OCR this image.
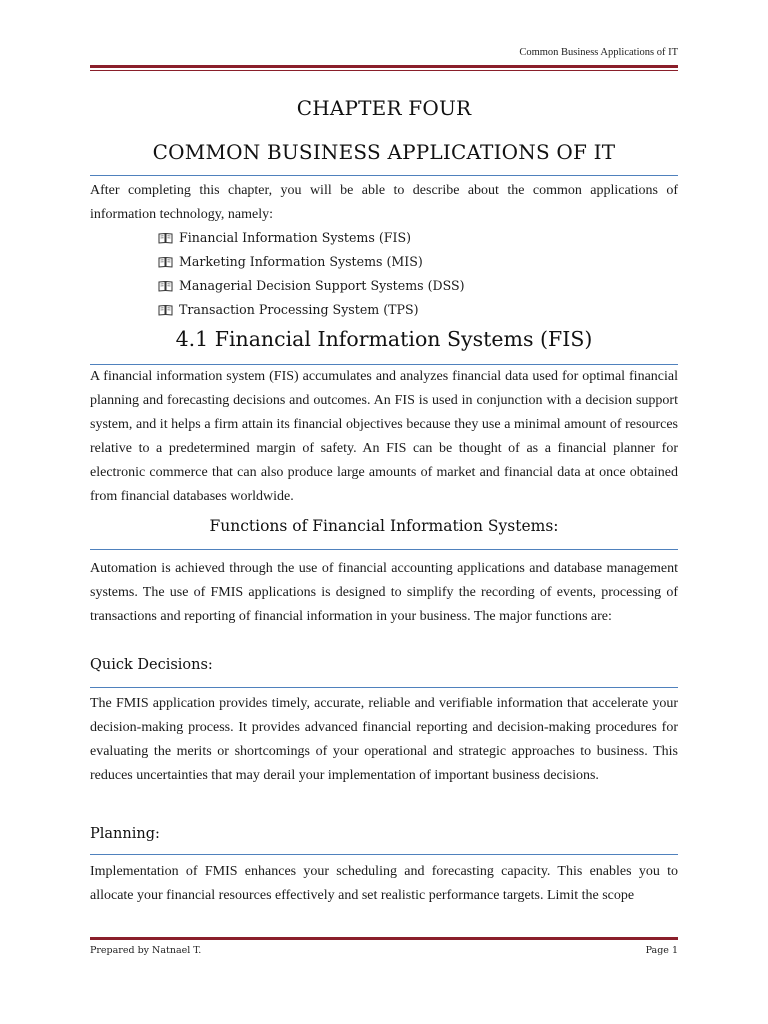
Common Business Applications of IT
CHAPTER FOUR
COMMON BUSINESS APPLICATIONS OF IT
After completing this chapter, you will be able to describe about the common applications of information technology, namely:
Financial Information Systems (FIS)
Marketing Information Systems (MIS)
Managerial Decision Support Systems (DSS)
Transaction Processing System (TPS)
4.1 Financial Information Systems (FIS)
A financial information system (FIS) accumulates and analyzes financial data used for optimal financial planning and forecasting decisions and outcomes. An FIS is used in conjunction with a decision support system, and it helps a firm attain its financial objectives because they use a minimal amount of resources relative to a predetermined margin of safety. An FIS can be thought of as a financial planner for electronic commerce that can also produce large amounts of market and financial data at once obtained from financial databases worldwide.
Functions of Financial Information Systems:
Automation is achieved through the use of financial accounting applications and database management systems. The use of FMIS applications is designed to simplify the recording of events, processing of transactions and reporting of financial information in your business. The major functions are:
Quick Decisions:
The FMIS application provides timely, accurate, reliable and verifiable information that accelerate your decision-making process. It provides advanced financial reporting and decision-making procedures for evaluating the merits or shortcomings of your operational and strategic approaches to business. This reduces uncertainties that may derail your implementation of important business decisions.
Planning:
Implementation of FMIS enhances your scheduling and forecasting capacity. This enables you to allocate your financial resources effectively and set realistic performance targets. Limit the scope
Prepared by Natnael T.	Page 1
